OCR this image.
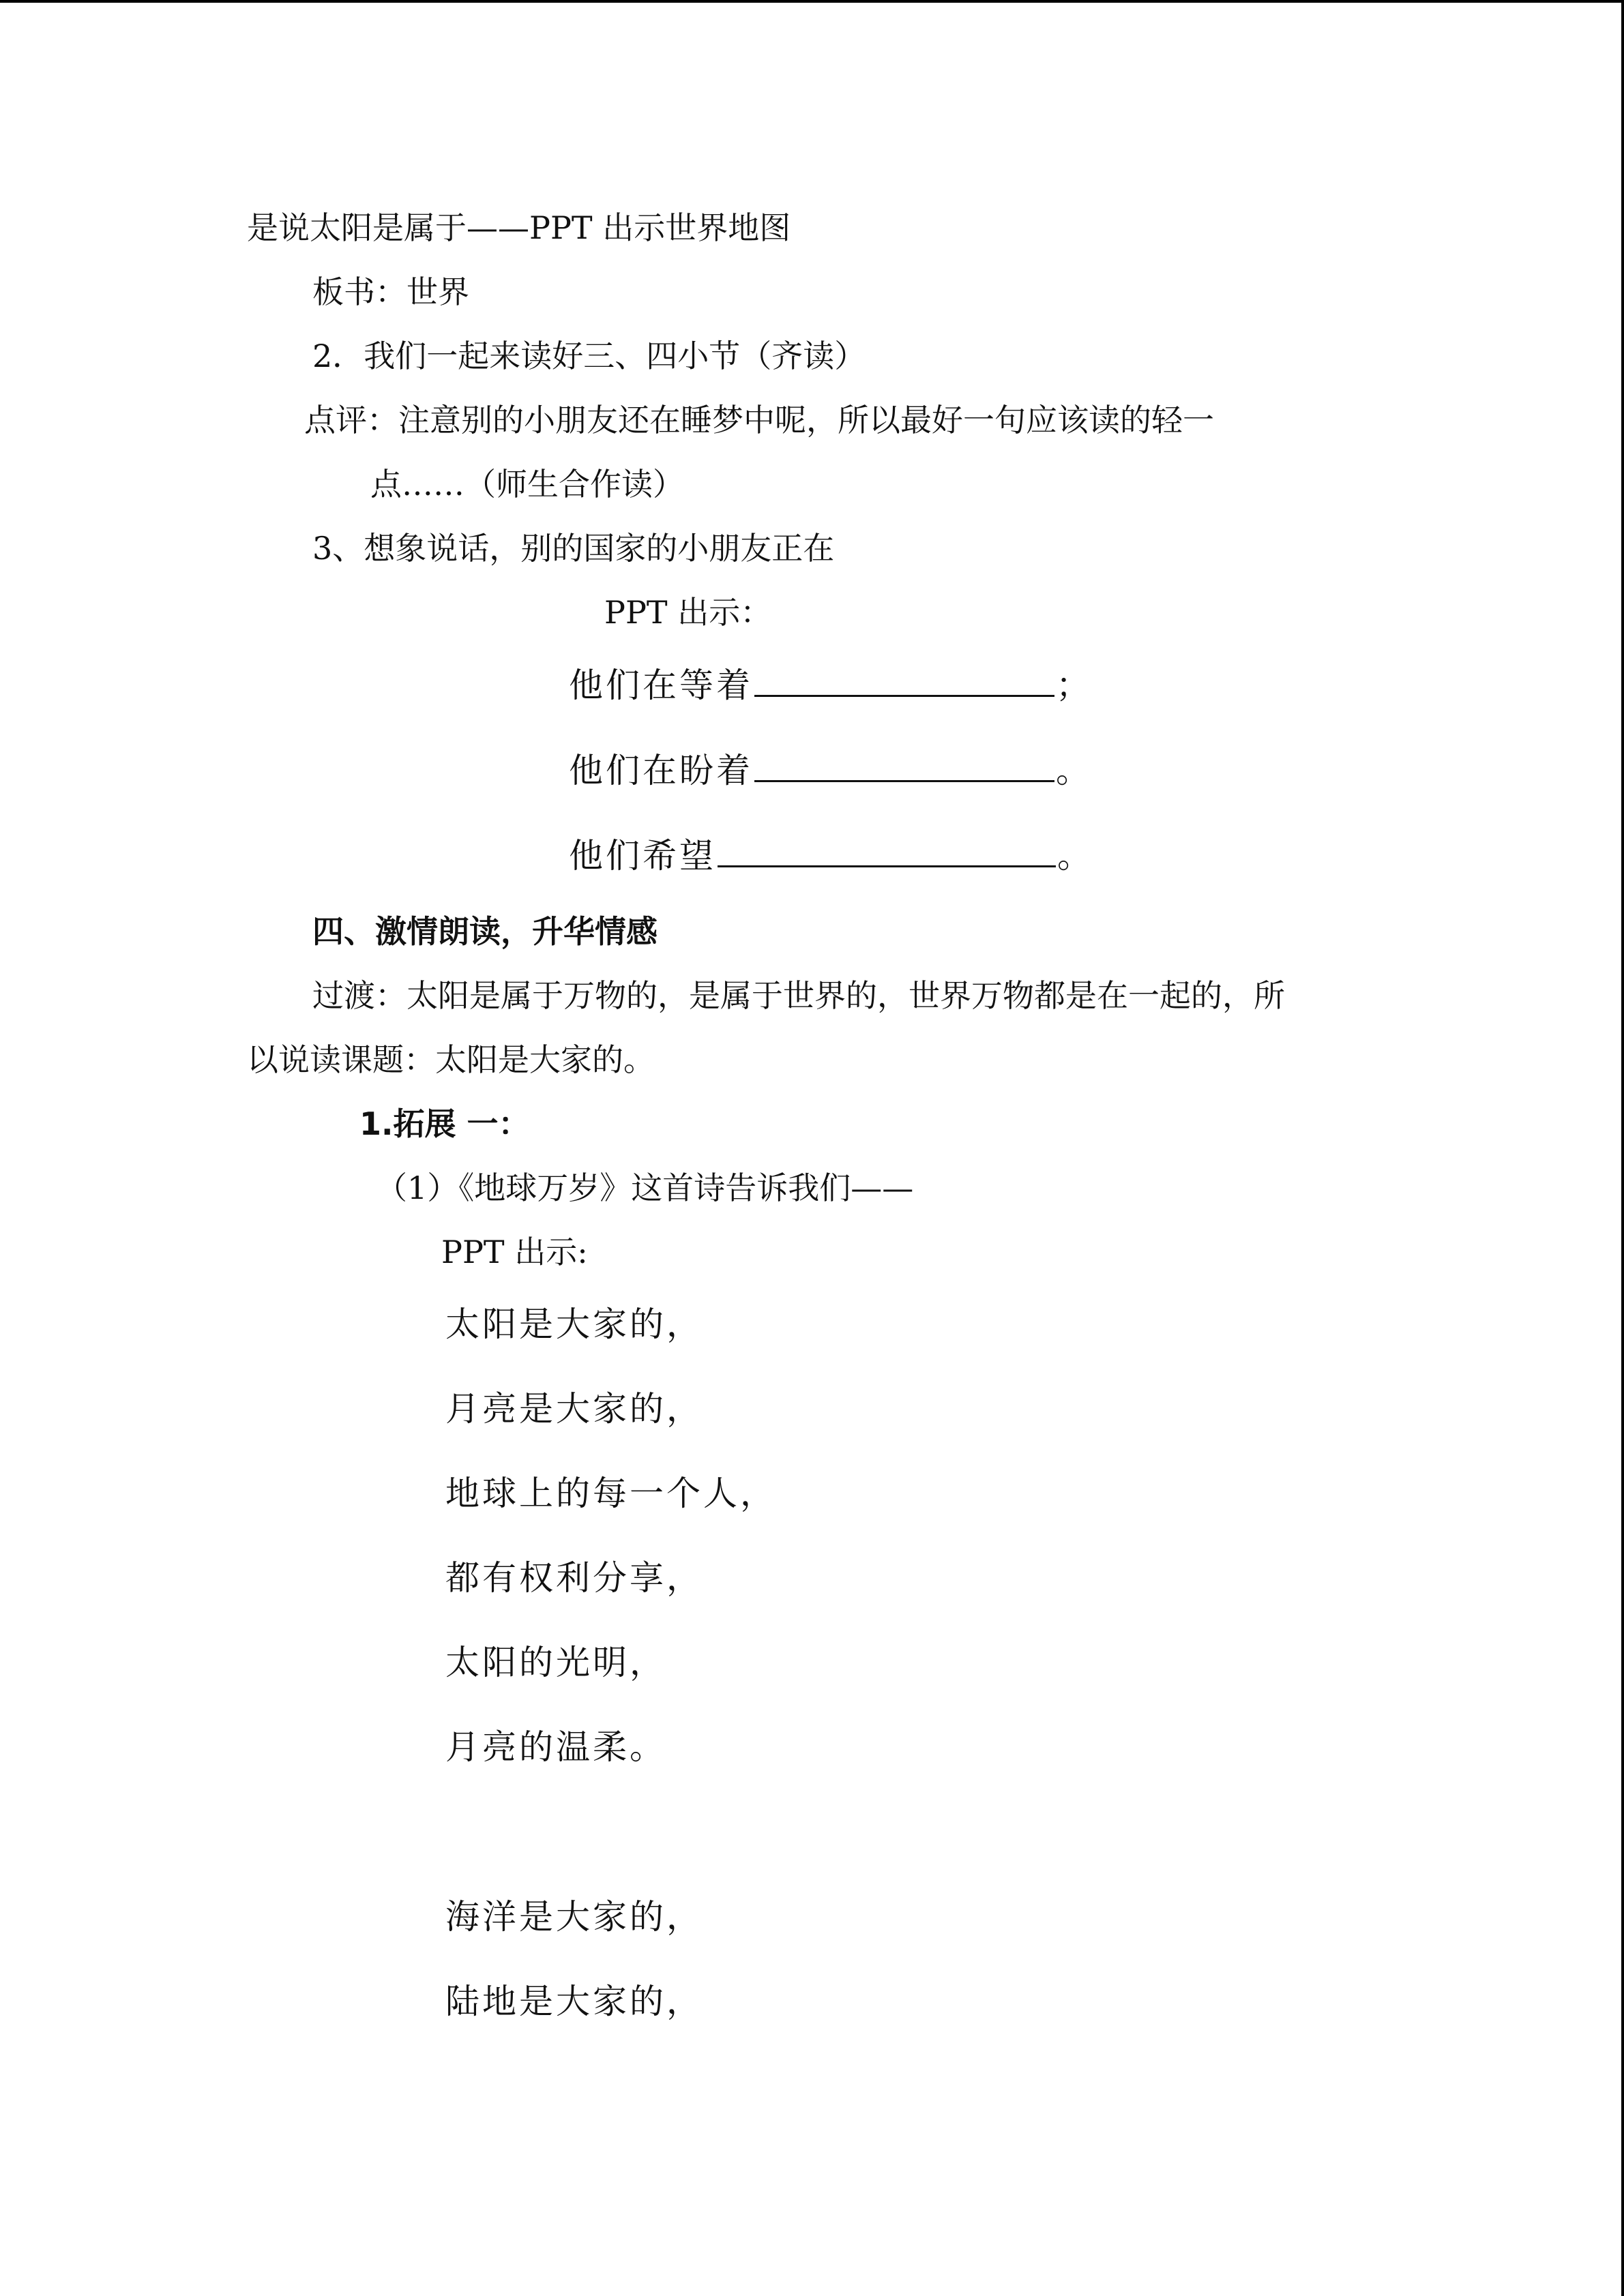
是说太阳是属于——PPT 出示世界地图
板书：世界
2．我们一起来读好三、四小节（齐读）
点评：注意别的小朋友还在睡梦中呢，所以最好一句应该读的轻一
点……（师生合作读）
3、想象说话，别的国家的小朋友正在
PPT 出示：
他们在等着	；
他们在盼着	。
他们希望	。
四、激情朗读，升华情感
过渡：太阳是属于万物的，是属于世界的，世界万物都是在一起的，所
以说读课题：太阳是大家的。
1.拓展 一：
（1）《地球万岁》这首诗告诉我们——
PPT 出示:
太阳是大家的，
月亮是大家的，
地球上的每一个人，
都有权利分享，
太阳的光明，
月亮的温柔。
海洋是大家的，
陆地是大家的，
